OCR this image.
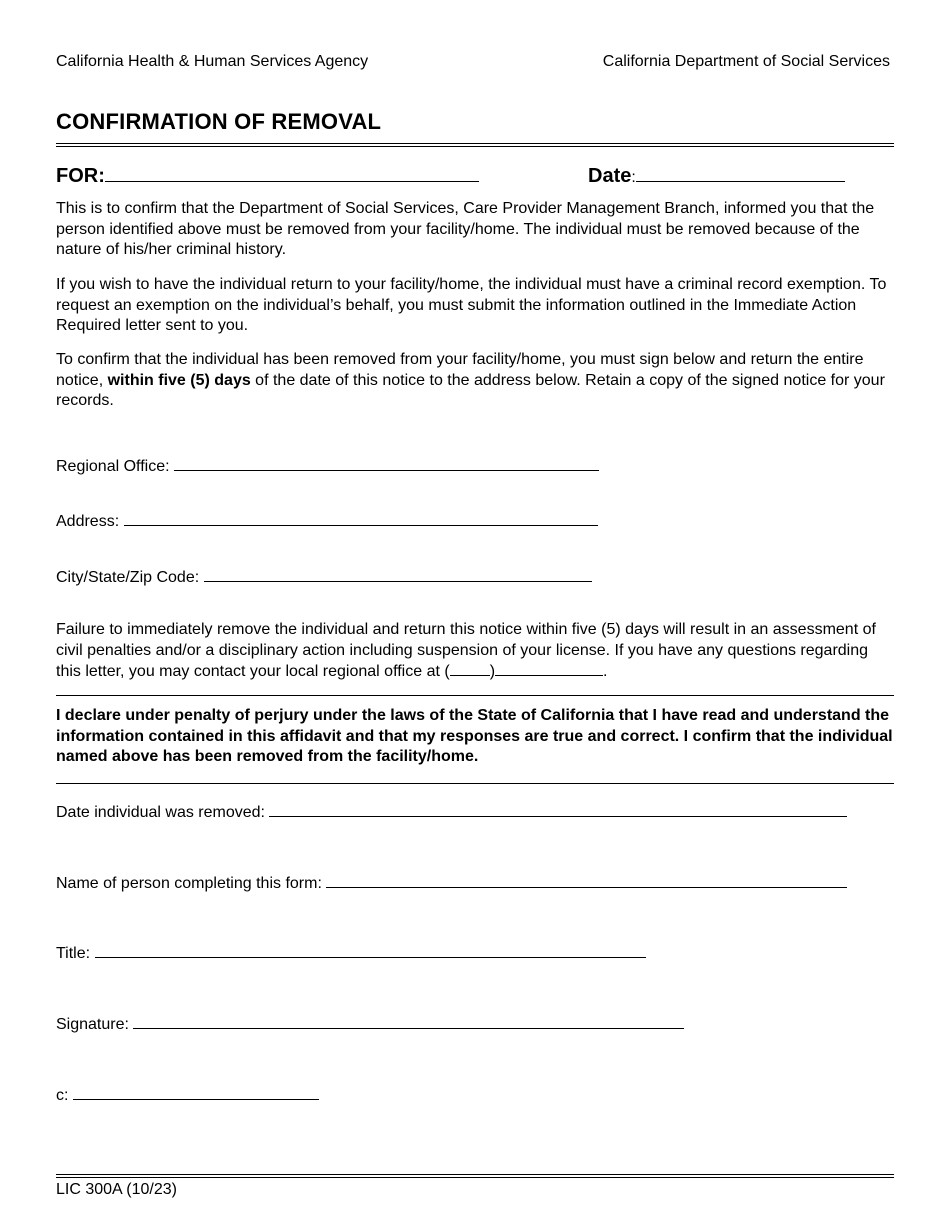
California Health & Human Services Agency	California Department of Social Services
CONFIRMATION OF REMOVAL
FOR:	Date:
This is to confirm that the Department of Social Services, Care Provider Management Branch, informed you that the person identified above must be removed from your facility/home. The individual must be removed because of the nature of his/her criminal history.
If you wish to have the individual return to your facility/home, the individual must have a criminal record exemption. To request an exemption on the individual’s behalf, you must submit the information outlined in the Immediate Action Required letter sent to you.
To confirm that the individual has been removed from your facility/home, you must sign below and return the entire notice, within five (5) days of the date of this notice to the address below. Retain a copy of the signed notice for your records.
Regional Office:
Address:
City/State/Zip Code:
Failure to immediately remove the individual and return this notice within five (5) days will result in an assessment of civil penalties and/or a disciplinary action including suspension of your license. If you have any questions regarding this letter, you may contact your local regional office at (	)	.
I declare under penalty of perjury under the laws of the State of California that I have read and understand the information contained in this affidavit and that my responses are true and correct. I confirm that the individual named above has been removed from the facility/home.
Date individual was removed:
Name of person completing this form:
Title:
Signature:
c:
LIC 300A (10/23)
